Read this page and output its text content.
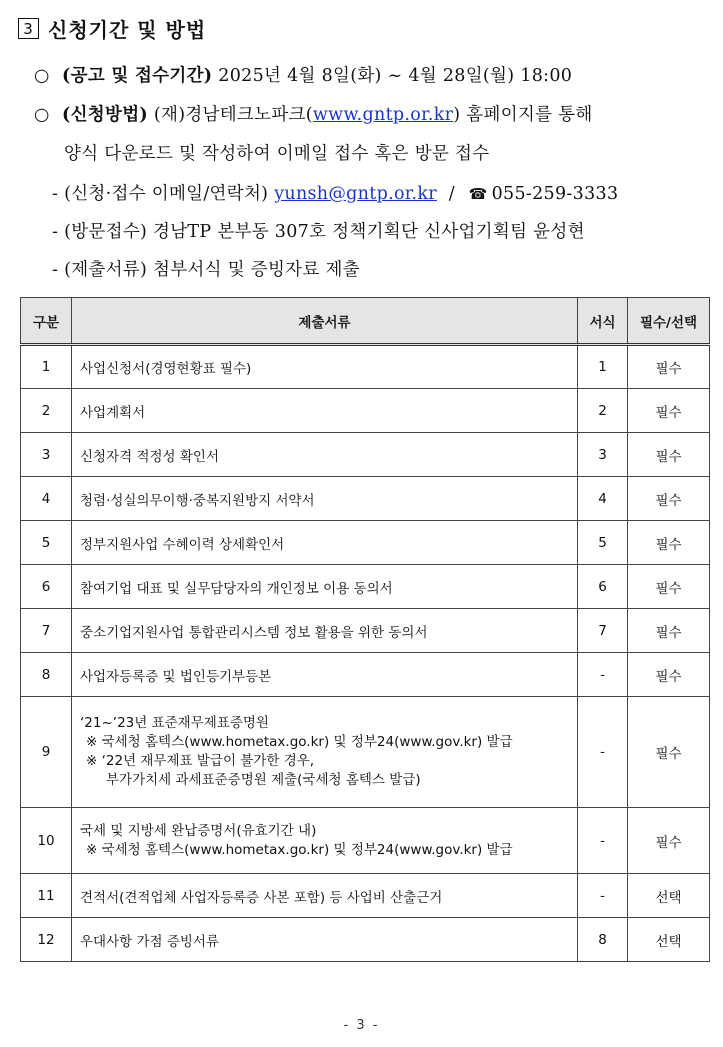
3 신청기간 및 방법
○ (공고 및 접수기간) 2025년 4월 8일(화) ~ 4월 28일(월) 18:00
○ (신청방법) (재)경남테크노파크(www.gntp.or.kr) 홈페이지를 통해
양식 다운로드 및 작성하여 이메일 접수 혹은 방문 접수
- (신청·접수 이메일/연락처) yunsh@gntp.or.kr / ☎ 055-259-3333
- (방문접수) 경남TP 본부동 307호 정책기획단 신사업기획팀 윤성현
- (제출서류) 첨부서식 및 증빙자료 제출
구분	제출서류	서식	필수/선택
1	사업신청서(경영현황표 필수)	1	필수
2	사업계획서	2	필수
3	신청자격 적정성 확인서	3	필수
4	청렴·성실의무이행·중복지원방지 서약서	4	필수
5	정부지원사업 수혜이력 상세확인서	5	필수
6	참여기업 대표 및 실무담당자의 개인정보 이용 동의서	6	필수
7	중소기업지원사업 통합관리시스템 정보 활용을 위한 동의서	7	필수
8	사업자등록증 및 법인등기부등본	-	필수
9	‘21~’23년 표준재무제표증명원
※ 국세청 홈텍스(www.hometax.go.kr) 및 정부24(www.gov.kr) 발급
※ ‘22년 재무제표 발급이 불가한 경우,
부가가치세 과세표준증명원 제출(국세청 홈텍스 발급)	-	필수
10	국세 및 지방세 완납증명서(유효기간 내)
※ 국세청 홈텍스(www.hometax.go.kr) 및 정부24(www.gov.kr) 발급	-	필수
11	견적서(견적업체 사업자등록증 사본 포함) 등 사업비 산출근거	-	선택
12	우대사항 가점 증빙서류	8	선택
- 3 -
